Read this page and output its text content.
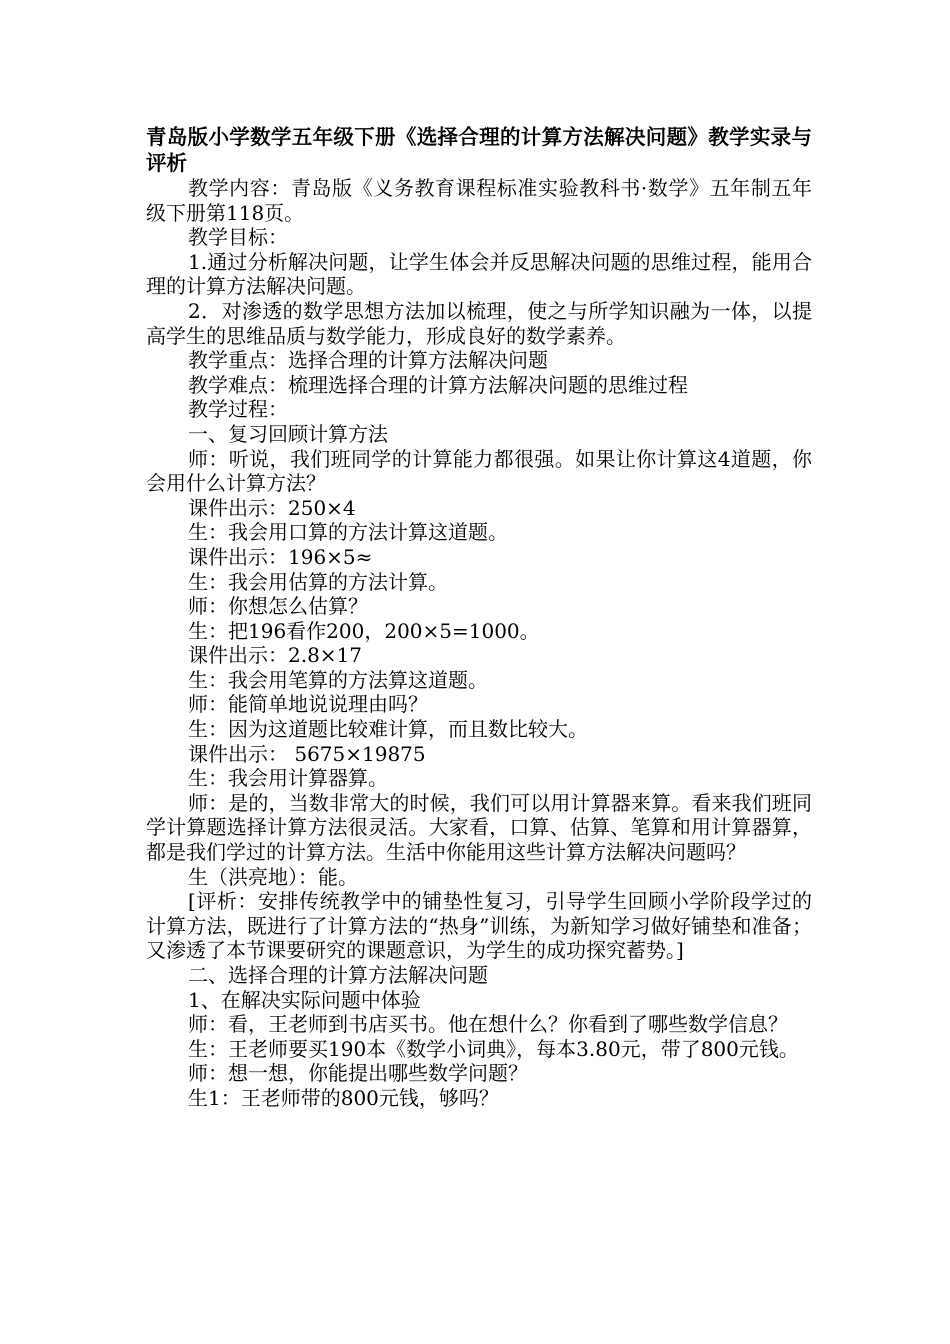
青岛版小学数学五年级下册《选择合理的计算方法解决问题》教学实录与评析

教学内容：青岛版《义务教育课程标准实验教科书·数学》五年制五年级下册第118页。

教学目标：

1.通过分析解决问题，让学生体会并反思解决问题的思维过程，能用合理的计算方法解决问题。

2．对渗透的数学思想方法加以梳理，使之与所学知识融为一体，以提高学生的思维品质与数学能力，形成良好的数学素养。

教学重点：选择合理的计算方法解决问题

教学难点：梳理选择合理的计算方法解决问题的思维过程

教学过程：

一、复习回顾计算方法

师：听说，我们班同学的计算能力都很强。如果让你计算这4道题，你会用什么计算方法？

课件出示：250×4

生：我会用口算的方法计算这道题。

课件出示：196×5≈

生：我会用估算的方法计算。

师：你想怎么估算？

生：把196看作200，200×5=1000。

课件出示：2.8×17

生：我会用笔算的方法算这道题。

师：能简单地说说理由吗？

生：因为这道题比较难计算，而且数比较大。

课件出示： 5675×19875

生：我会用计算器算。

师：是的，当数非常大的时候，我们可以用计算器来算。看来我们班同学计算题选择计算方法很灵活。大家看，口算、估算、笔算和用计算器算，都是我们学过的计算方法。生活中你能用这些计算方法解决问题吗？

生（洪亮地）：能。

[评析：安排传统教学中的铺垫性复习，引导学生回顾小学阶段学过的计算方法，既进行了计算方法的“热身”训练，为新知学习做好铺垫和准备；又渗透了本节课要研究的课题意识，为学生的成功探究蓄势。]

二、选择合理的计算方法解决问题

1、在解决实际问题中体验

师：看，王老师到书店买书。他在想什么？你看到了哪些数学信息？

生：王老师要买190本《数学小词典》，每本3.80元，带了800元钱。

师：想一想，你能提出哪些数学问题？

生1：王老师带的800元钱，够吗？
